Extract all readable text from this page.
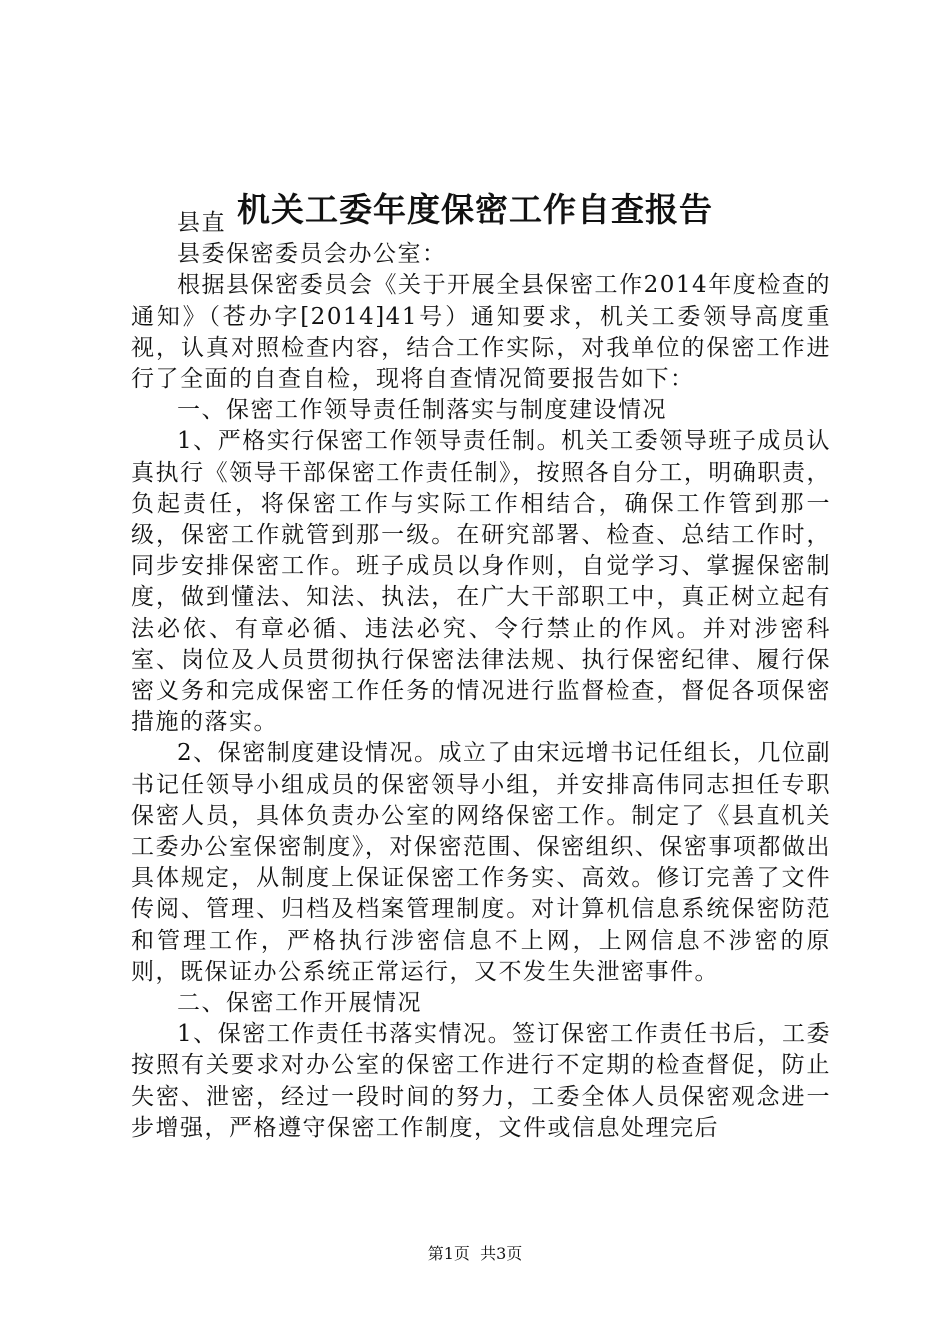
机关工委年度保密工作自查报告

县直

县委保密委员会办公室：

根据县保密委员会《关于开展全县保密工作2014年度检查的通知》（苍办字[2014]41号）通知要求，机关工委领导高度重视，认真对照检查内容，结合工作实际，对我单位的保密工作进行了全面的自查自检，现将自查情况简要报告如下：

一、保密工作领导责任制落实与制度建设情况

1、严格实行保密工作领导责任制。机关工委领导班子成员认真执行《领导干部保密工作责任制》，按照各自分工，明确职责，负起责任，将保密工作与实际工作相结合，确保工作管到那一级，保密工作就管到那一级。在研究部署、检查、总结工作时，同步安排保密工作。班子成员以身作则，自觉学习、掌握保密制度，做到懂法、知法、执法，在广大干部职工中，真正树立起有法必依、有章必循、违法必究、令行禁止的作风。并对涉密科室、岗位及人员贯彻执行保密法律法规、执行保密纪律、履行保密义务和完成保密工作任务的情况进行监督检查，督促各项保密措施的落实。

2、保密制度建设情况。成立了由宋远增书记任组长，几位副书记任领导小组成员的保密领导小组，并安排高伟同志担任专职保密人员，具体负责办公室的网络保密工作。制定了《县直机关工委办公室保密制度》，对保密范围、保密组织、保密事项都做出具体规定，从制度上保证保密工作务实、高效。修订完善了文件传阅、管理、归档及档案管理制度。对计算机信息系统保密防范和管理工作，严格执行涉密信息不上网，上网信息不涉密的原则，既保证办公系统正常运行，又不发生失泄密事件。

二、保密工作开展情况

1、保密工作责任书落实情况。签订保密工作责任书后，工委按照有关要求对办公室的保密工作进行不定期的检查督促，防止失密、泄密，经过一段时间的努力，工委全体人员保密观念进一步增强，严格遵守保密工作制度，文件或信息处理完后

第1页  共3页
